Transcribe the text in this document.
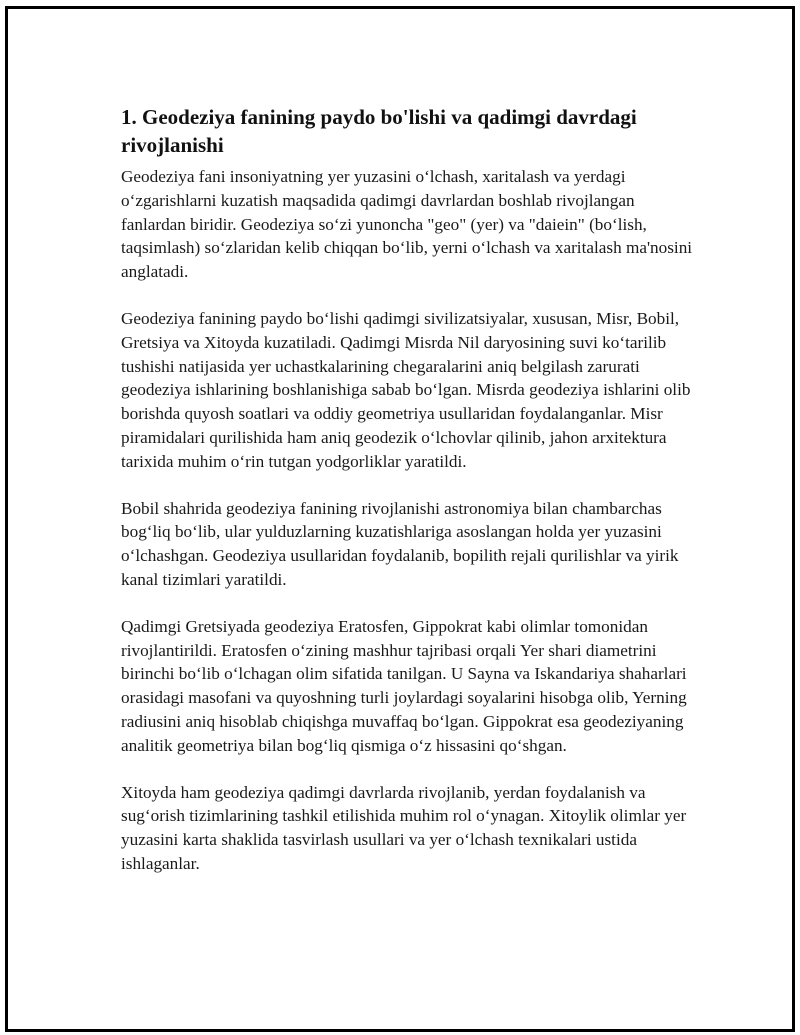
1. Geodeziya fanining paydo bo'lishi va qadimgi davrdagi rivojlanishi

Geodeziya fani insoniyatning yer yuzasini o‘lchash, xaritalash va yerdagi o‘zgarishlarni kuzatish maqsadida qadimgi davrlardan boshlab rivojlangan fanlardan biridir. Geodeziya so‘zi yunoncha "geo" (yer) va "daiein" (bo‘lish, taqsimlash) so‘zlaridan kelib chiqqan bo‘lib, yerni o‘lchash va xaritalash ma'nosini anglatadi.

Geodeziya fanining paydo bo‘lishi qadimgi sivilizatsiyalar, xususan, Misr, Bobil, Gretsiya va Xitoyda kuzatiladi. Qadimgi Misrda Nil daryosining suvi ko‘tarilib tushishi natijasida yer uchastkalarining chegaralarini aniq belgilash zarurati geodeziya ishlarining boshlanishiga sabab bo‘lgan. Misrda geodeziya ishlarini olib borishda quyosh soatlari va oddiy geometriya usullaridan foydalanganlar. Misr piramidalari qurilishida ham aniq geodezik o‘lchovlar qilinib, jahon arxitektura tarixida muhim o‘rin tutgan yodgorliklar yaratildi.

Bobil shahrida geodeziya fanining rivojlanishi astronomiya bilan chambarchas bog‘liq bo‘lib, ular yulduzlarning kuzatishlariga asoslangan holda yer yuzasini o‘lchashgan. Geodeziya usullaridan foydalanib, bopilith rejali qurilishlar va yirik kanal tizimlari yaratildi.

Qadimgi Gretsiyada geodeziya Eratosfen, Gippokrat kabi olimlar tomonidan rivojlantirildi. Eratosfen o‘zining mashhur tajribasi orqali Yer shari diametrini birinchi bo‘lib o‘lchagan olim sifatida tanilgan. U Sayna va Iskandariya shaharlari orasidagi masofani va quyoshning turli joylardagi soyalarini hisobga olib, Yerning radiusini aniq hisoblab chiqishga muvaffaq bo‘lgan. Gippokrat esa geodeziyaning analitik geometriya bilan bog‘liq qismiga o‘z hissasini qo‘shgan.

Xitoyda ham geodeziya qadimgi davrlarda rivojlanib, yerdan foydalanish va sug‘orish tizimlarining tashkil etilishida muhim rol o‘ynagan. Xitoylik olimlar yer yuzasini karta shaklida tasvirlash usullari va yer o‘lchash texnikalari ustida ishlaganlar.
